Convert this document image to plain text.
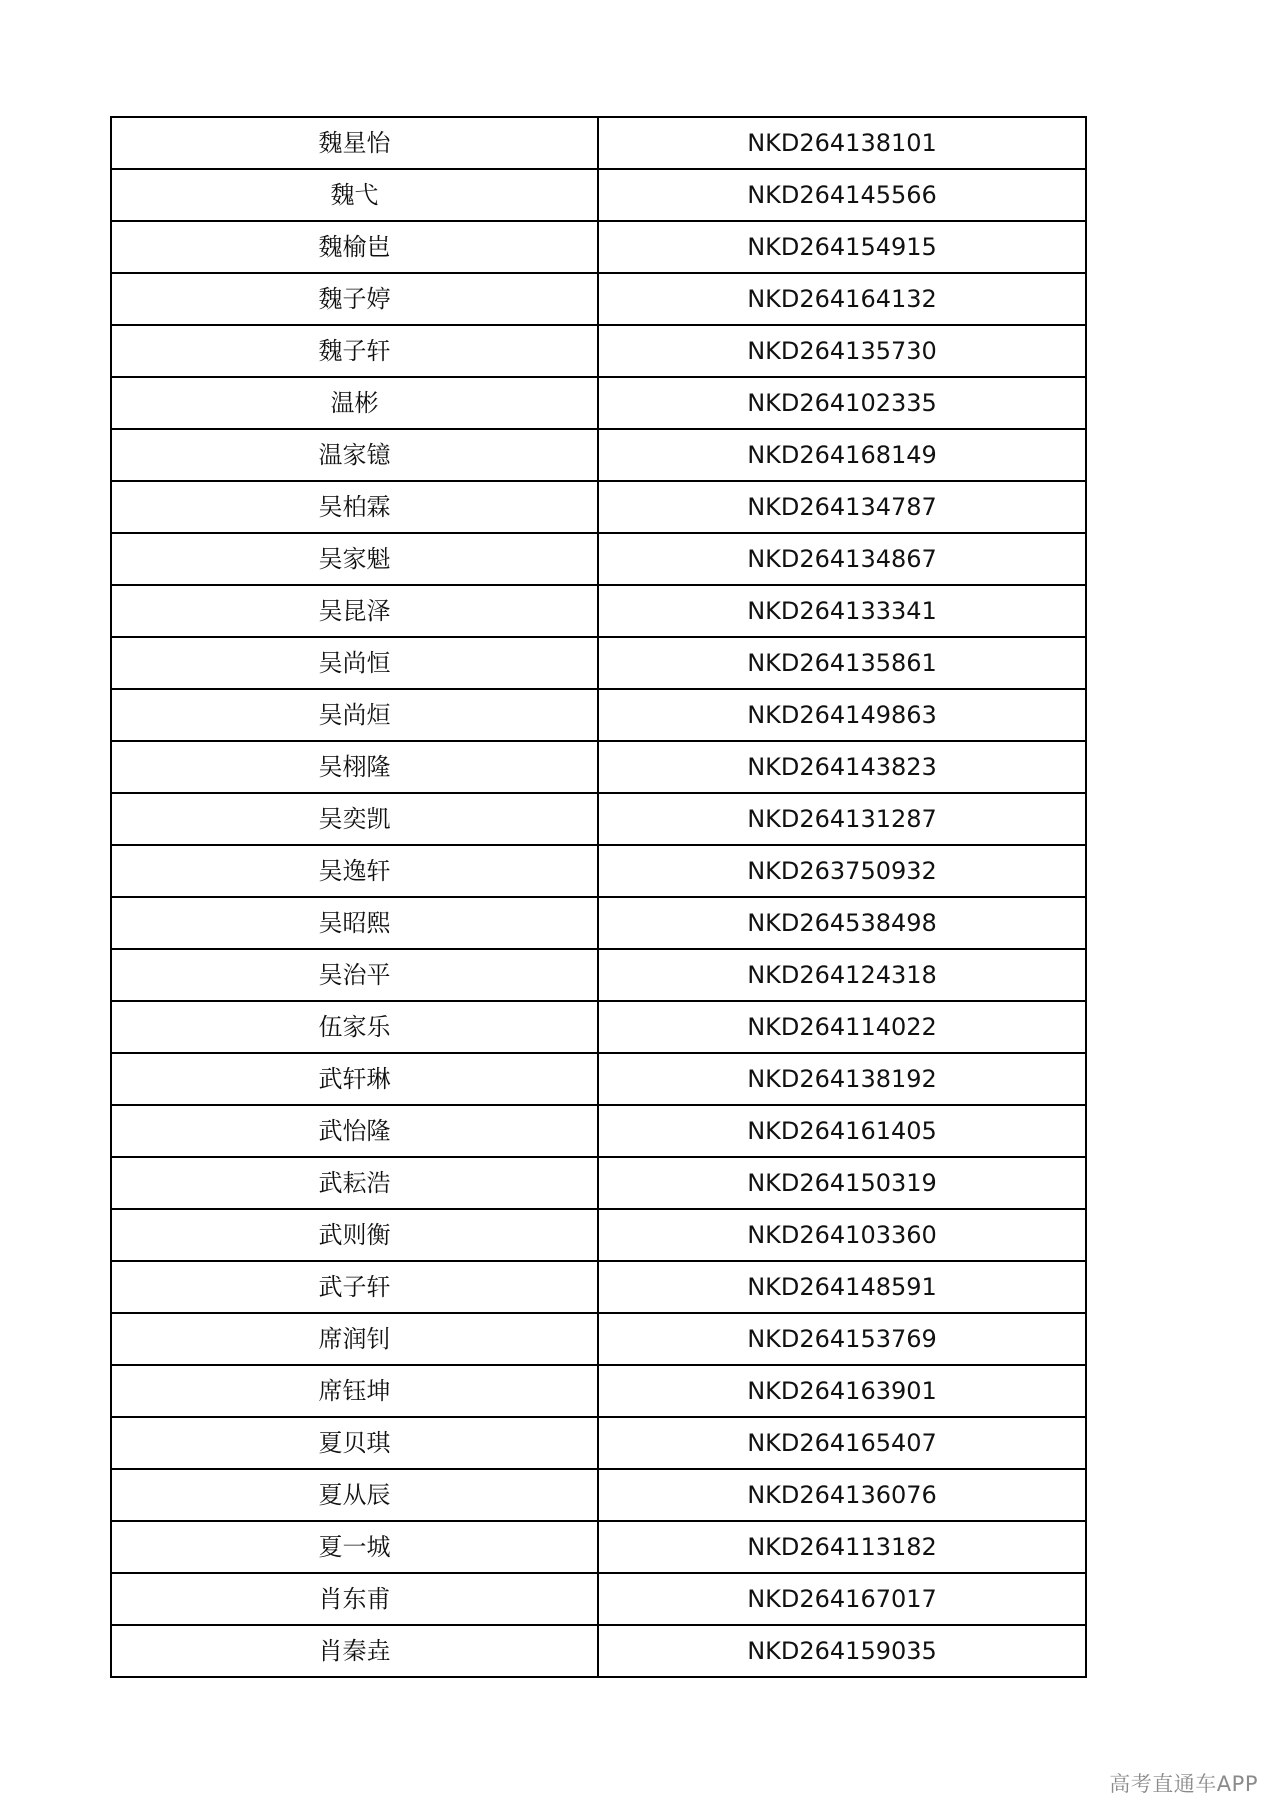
魏星怡	NKD264138101
魏弋	NKD264145566
魏榆岜	NKD264154915
魏子婷	NKD264164132
魏子轩	NKD264135730
温彬	NKD264102335
温家镱	NKD264168149
吴柏霖	NKD264134787
吴家魁	NKD264134867
吴昆泽	NKD264133341
吴尚恒	NKD264135861
吴尚烜	NKD264149863
吴栩隆	NKD264143823
吴奕凯	NKD264131287
吴逸轩	NKD263750932
吴昭熙	NKD264538498
吴治平	NKD264124318
伍家乐	NKD264114022
武轩琳	NKD264138192
武怡隆	NKD264161405
武耘浩	NKD264150319
武则衡	NKD264103360
武子轩	NKD264148591
席润钊	NKD264153769
席钰坤	NKD264163901
夏贝琪	NKD264165407
夏从辰	NKD264136076
夏一城	NKD264113182
肖东甫	NKD264167017
肖秦垚	NKD264159035
高考直通车APP
